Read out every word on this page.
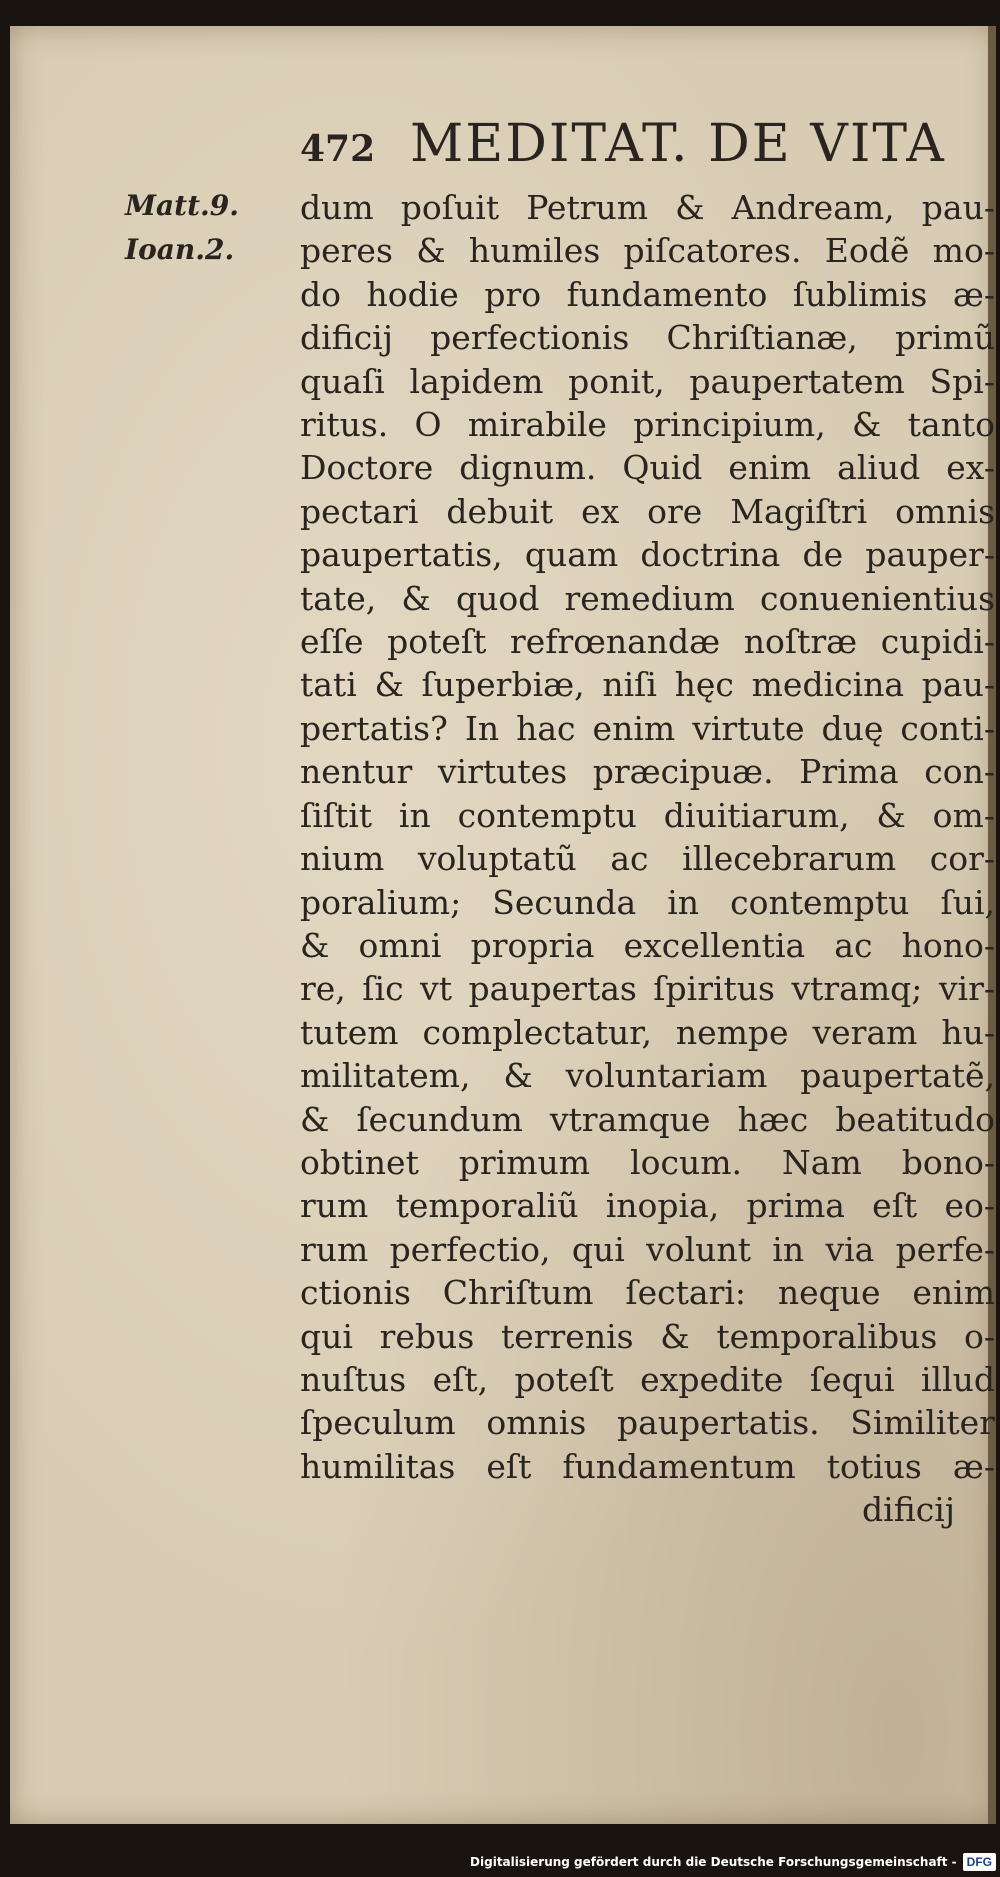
472 MEDITAT. DE VITA
Matt.9.
Ioan.2.
dum poſuit Petrum & Andream, pau-
peres & humiles piſcatores. Eodẽ mo-
do hodie pro fundamento ſublimis æ-
dificij perfectionis Chriſtianæ, primũ
quaſi lapidem ponit, paupertatem Spi-
ritus. O mirabile principium, & tanto
Doctore dignum. Quid enim aliud ex-
pectari debuit ex ore Magiſtri omnis
paupertatis, quam doctrina de pauper-
tate, & quod remedium conuenientius
eſſe poteſt refrœnandæ noſtræ cupidi-
tati & ſuperbiæ, niſi hęc medicina pau-
pertatis? In hac enim virtute duę conti-
nentur virtutes præcipuæ. Prima con-
ſiſtit in contemptu diuitiarum, & om-
nium voluptatũ ac illecebrarum cor-
poralium; Secunda in contemptu ſui,
& omni propria excellentia ac hono-
re, ſic vt paupertas ſpiritus vtramq; vir-
tutem complectatur, nempe veram hu-
militatem, & voluntariam paupertatẽ,
& ſecundum vtramque hæc beatitudo
obtinet primum locum. Nam bono-
rum temporaliũ inopia, prima eſt eo-
rum perfectio, qui volunt in via perfe-
ctionis Chriſtum ſectari: neque enim
qui rebus terrenis & temporalibus o-
nuſtus eſt, poteſt expedite ſequi illud
ſpeculum omnis paupertatis. Similiter
humilitas eſt fundamentum totius æ-
dificij
Digitalisierung gefördert durch die Deutsche Forschungsgemeinschaft - DFG
